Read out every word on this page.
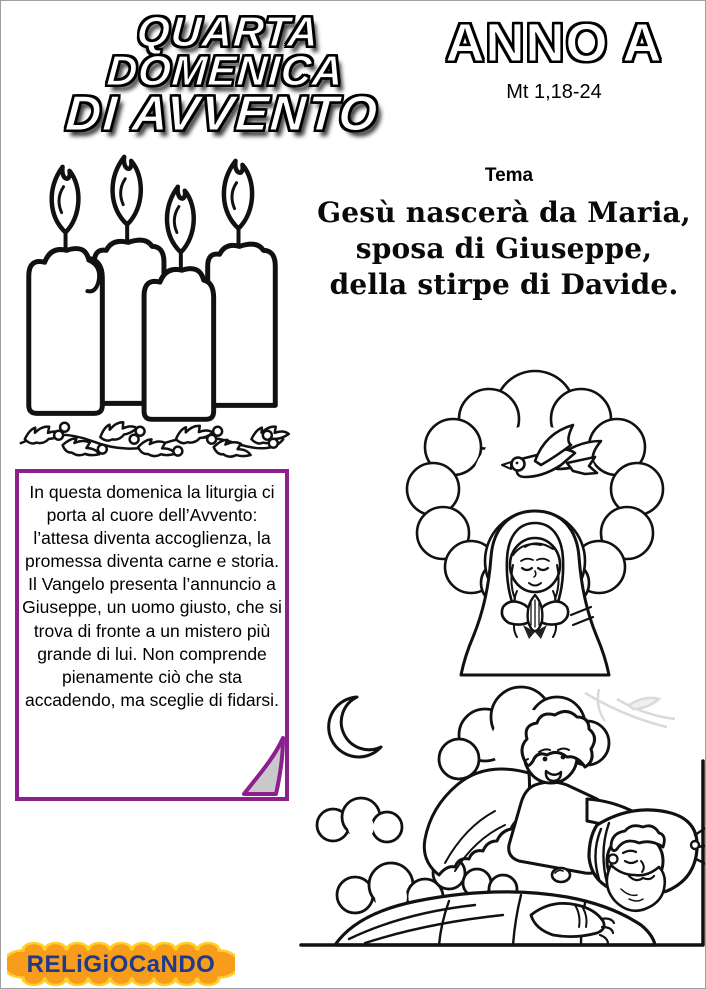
QUARTA DOMENICA
DI AVVENTO
ANNO A
Mt 1,18-24
Tema
Gesù nascerà da Maria,
sposa di Giuseppe,
della stirpe di Davide.

In questa domenica la liturgia ci porta al cuore dell’Avvento: l’attesa diventa accoglienza, la promessa diventa carne e storia. Il Vangelo presenta l’annuncio a Giuseppe, un uomo giusto, che si trova di fronte a un mistero più grande di lui. Non comprende pienamente ciò che sta accadendo, ma sceglie di fidarsi.

RELiGiOCaNDO
